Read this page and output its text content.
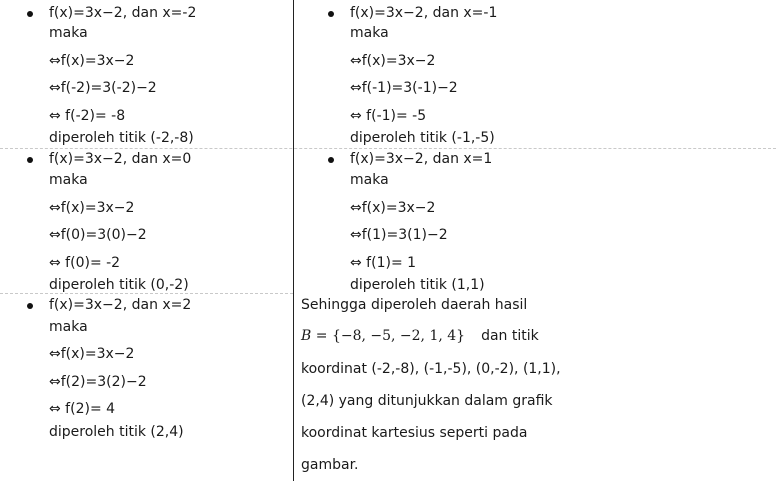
f(x)=3x−2, dan x=-2
maka
⇔f(x)=3x−2
⇔f(-2)=3(-2)−2
⇔ f(-2)= -8
diperoleh titik (-2,-8)
f(x)=3x−2, dan x=0
maka
⇔f(x)=3x−2
⇔f(0)=3(0)−2
⇔ f(0)= -2
diperoleh titik (0,-2)
f(x)=3x−2, dan x=2
maka
⇔f(x)=3x−2
⇔f(2)=3(2)−2
⇔ f(2)= 4
diperoleh titik (2,4)
f(x)=3x−2, dan x=-1
maka
⇔f(x)=3x−2
⇔f(-1)=3(-1)−2
⇔ f(-1)= -5
diperoleh titik (-1,-5)
f(x)=3x−2, dan x=1
maka
⇔f(x)=3x−2
⇔f(1)=3(1)−2
⇔ f(1)= 1
diperoleh titik (1,1)
Sehingga diperoleh daerah hasil
B = {−8, −5, −2, 1, 4} dan titik
koordinat (-2,-8), (-1,-5), (0,-2), (1,1),
(2,4) yang ditunjukkan dalam grafik
koordinat kartesius seperti pada
gambar.
